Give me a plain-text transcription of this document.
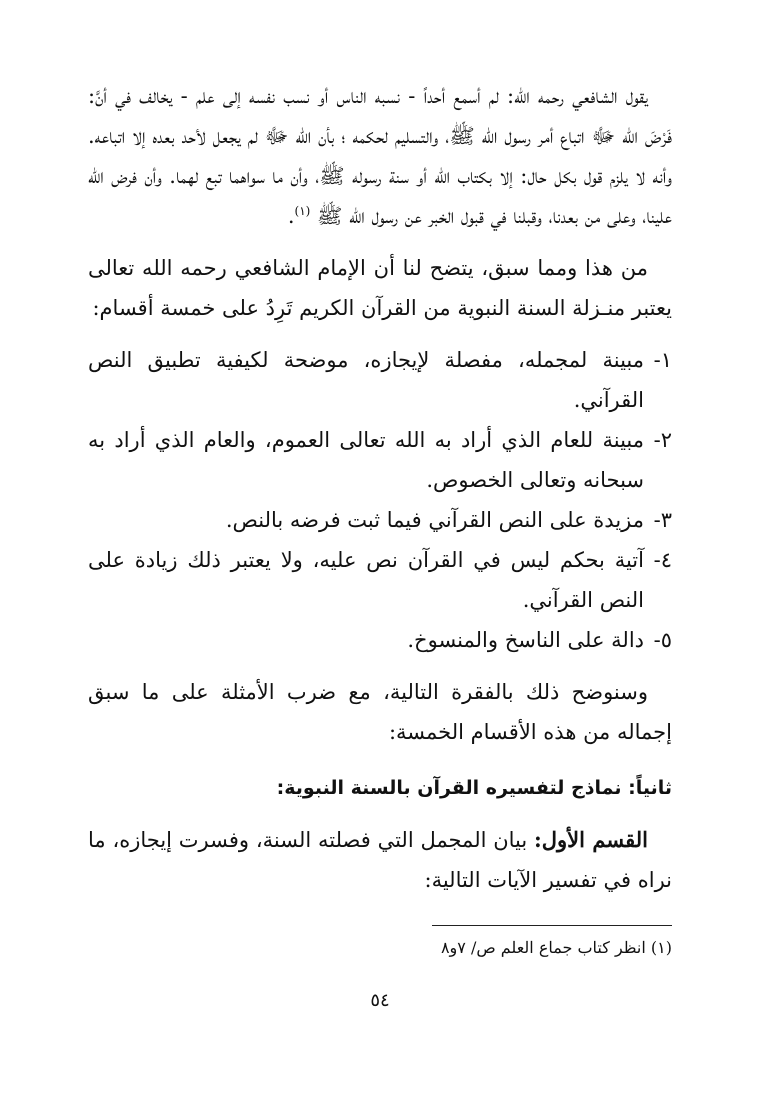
يقول الشافعي رحمه الله: لم أسمع أحداً - نسبه الناس أو نسب نفسه إلى علم - يخالف في أنَّ: فَرْضَ الله ﷻ اتباع أمر رسول الله ﷺ، والتسليم لحكمه ؛ بأن الله ﷻ لم يجعل لأحد بعده إلا اتباعه. وأنه لا يلزم قول بكل حال: إلا بكتاب الله أو سنة رسوله ﷺ، وأن ما سواهما تبع لهما. وأن فرض الله علينا، وعلى من بعدنا، وقبلنا في قبول الخبر عن رسول الله ﷺ $^{(١)}$.

من هذا ومما سبق، يتضح لنا أن الإمام الشافعي رحمه الله تعالى يعتبر منـزلة السنة النبوية من القرآن الكريم تَرِدُ على خمسة أقسام:

١-
مبينة لمجمله، مفصلة لإيجازه، موضحة لكيفية تطبيق النص القرآني.
٢-
مبينة للعام الذي أراد به الله تعالى العموم، والعام الذي أراد به سبحانه وتعالى الخصوص.
٣-
مزيدة على النص القرآني فيما ثبت فرضه بالنص.
٤-
آتية بحكم ليس في القرآن نص عليه، ولا يعتبر ذلك زيادة على النص القرآني.
٥-
دالة على الناسخ والمنسوخ.

وسنوضح ذلك بالفقرة التالية، مع ضرب الأمثلة على ما سبق إجماله من هذه الأقسام الخمسة:

ثانياً: نماذج لتفسيره القرآن بالسنة النبوية:

القسم الأول: بيان المجمل التي فصلته السنة، وفسرت إيجازه، ما نراه في تفسير الآيات التالية:

(١) انظر كتاب جماع العلم ص/ ٧و٨
٥٤
